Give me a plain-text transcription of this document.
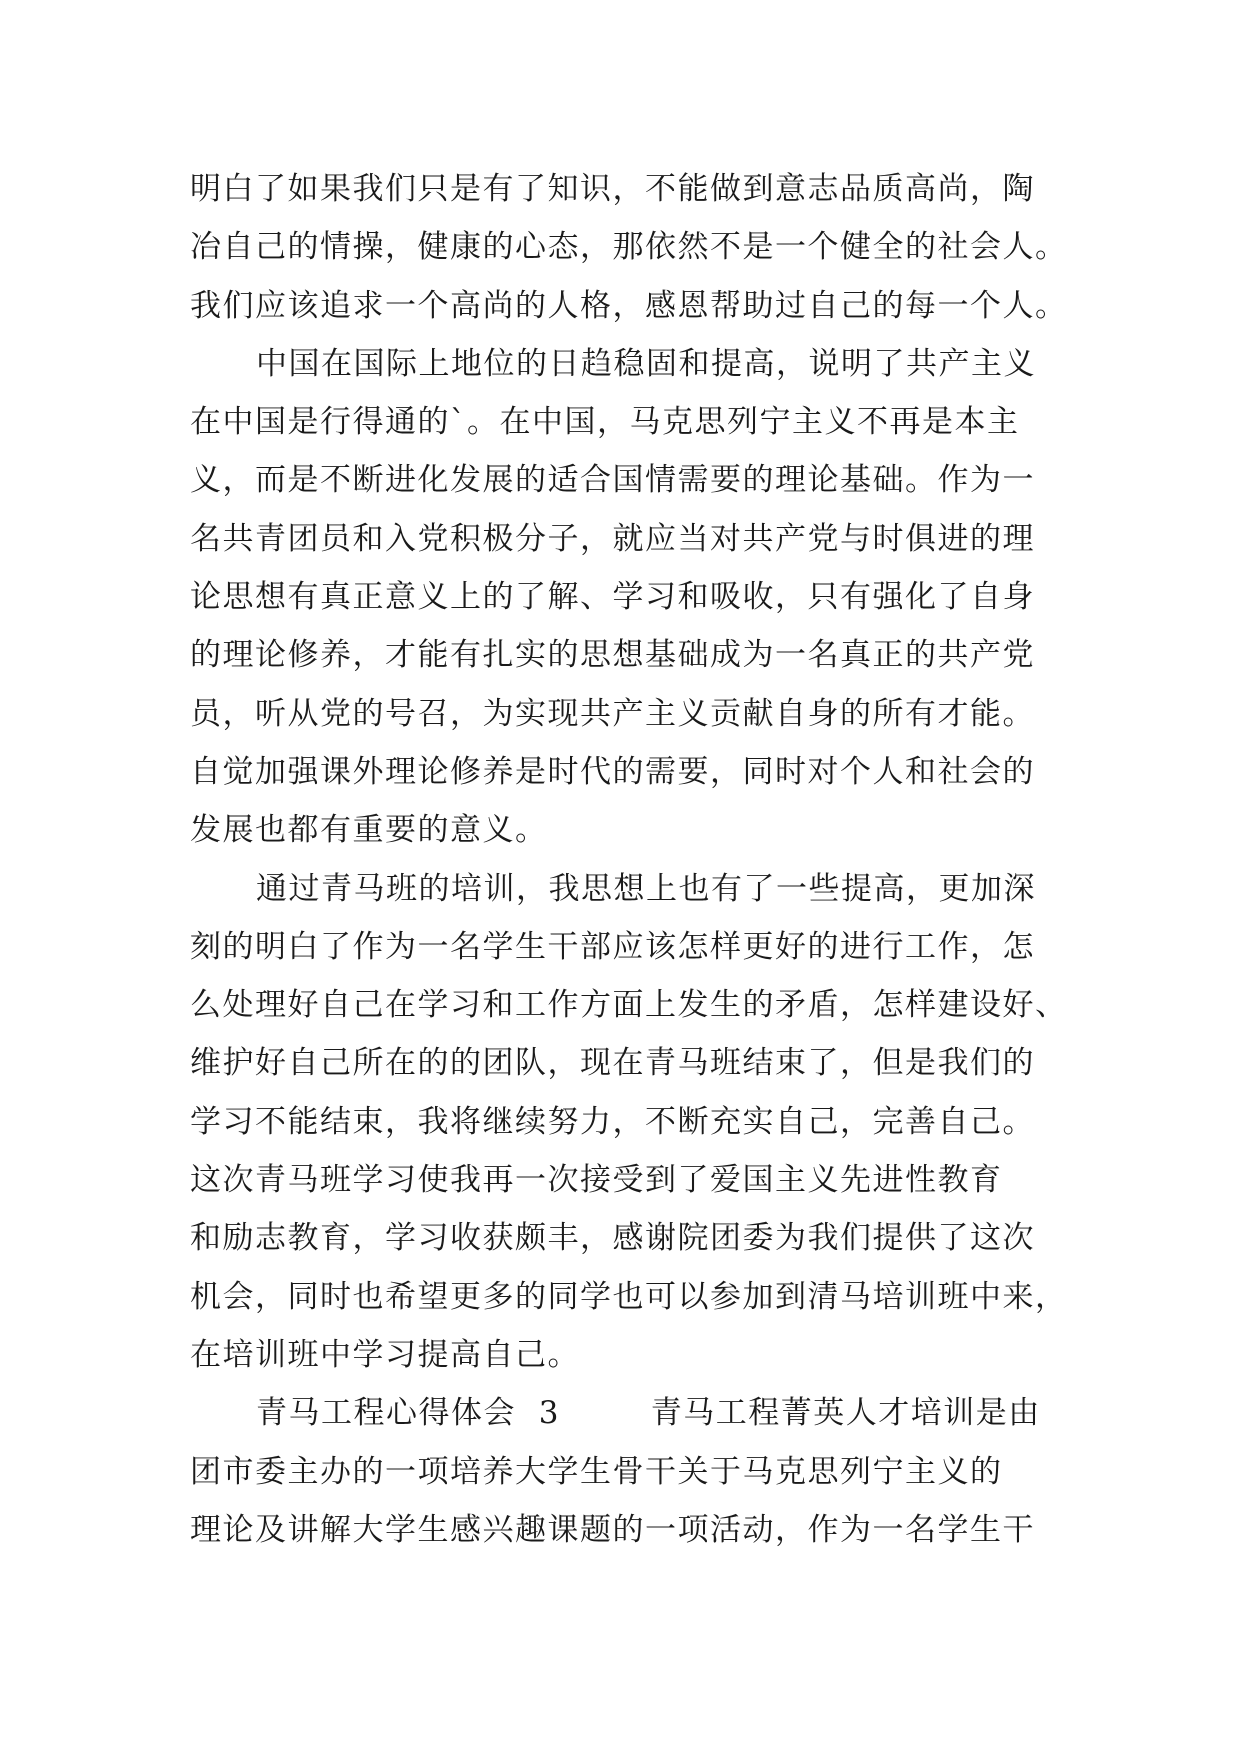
明白了如果我们只是有了知识，不能做到意志品质高尚，陶
冶自己的情操，健康的心态，那依然不是一个健全的社会人。
我们应该追求一个高尚的人格，感恩帮助过自己的每一个人。
中国在国际上地位的日趋稳固和提高，说明了共产主义
在中国是行得通的`。在中国，马克思列宁主义不再是本主
义，而是不断进化发展的适合国情需要的理论基础。作为一
名共青团员和入党积极分子，就应当对共产党与时俱进的理
论思想有真正意义上的了解、学习和吸收，只有强化了自身
的理论修养，才能有扎实的思想基础成为一名真正的共产党
员，听从党的号召，为实现共产主义贡献自身的所有才能。
自觉加强课外理论修养是时代的需要，同时对个人和社会的
发展也都有重要的意义。
通过青马班的培训，我思想上也有了一些提高，更加深
刻的明白了作为一名学生干部应该怎样更好的进行工作，怎
么处理好自己在学习和工作方面上发生的矛盾，怎样建设好、
维护好自己所在的的团队，现在青马班结束了，但是我们的
学习不能结束，我将继续努力，不断充实自己，完善自己。
这次青马班学习使我再一次接受到了爱国主义先进性教育
和励志教育，学习收获颇丰，感谢院团委为我们提供了这次
机会，同时也希望更多的同学也可以参加到清马培训班中来，
在培训班中学习提高自己。
青马工程心得体会  3        青马工程菁英人才培训是由
团市委主办的一项培养大学生骨干关于马克思列宁主义的
理论及讲解大学生感兴趣课题的一项活动，作为一名学生干
